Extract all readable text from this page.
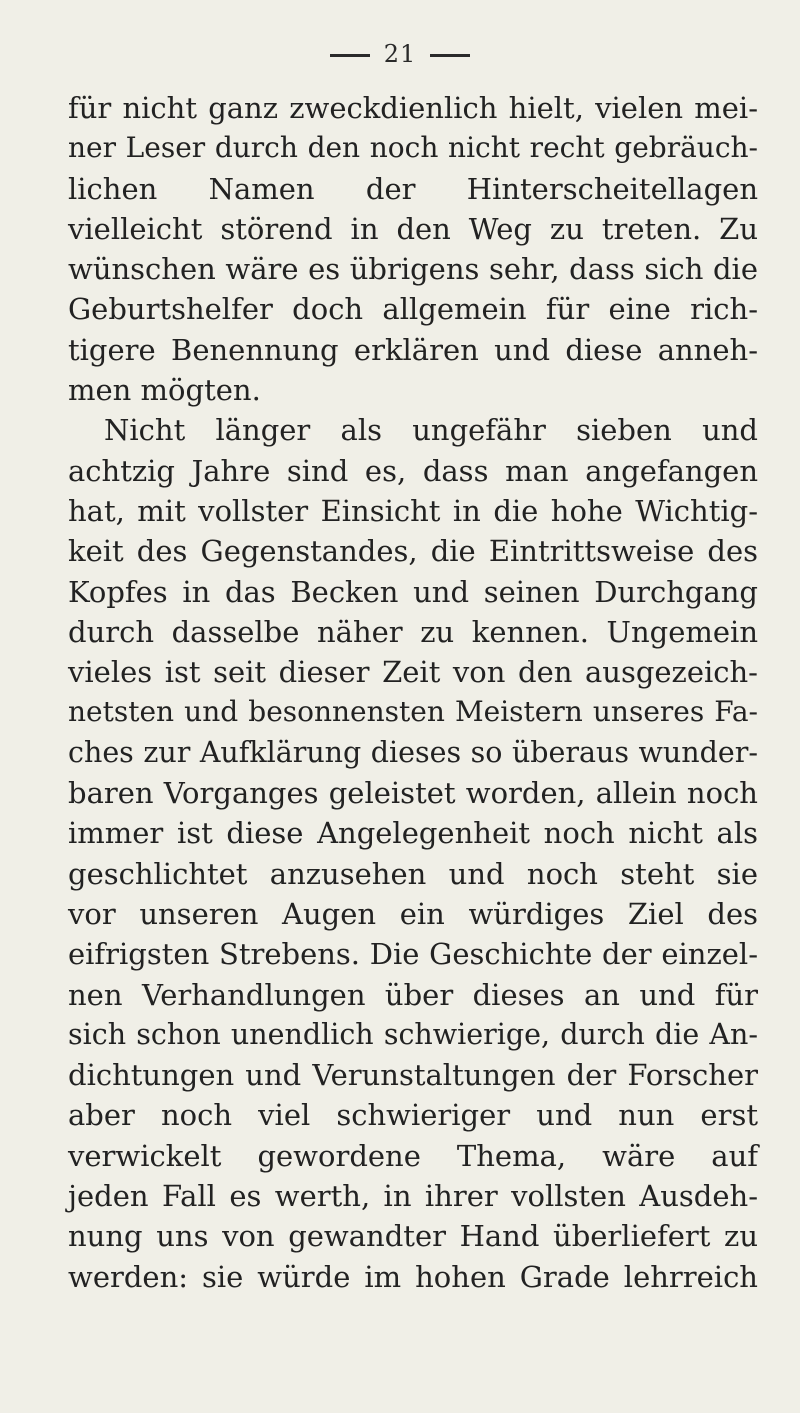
21
für nicht ganz zweckdienlich hielt, vielen mei-
ner Leser durch den noch nicht recht gebräuch-
lichen Namen der Hinterscheitellagen
vielleicht störend in den Weg zu treten. Zu
wünschen wäre es übrigens sehr, dass sich die
Geburtshelfer doch allgemein für eine rich-
tigere Benennung erklären und diese anneh-
men mögten.
Nicht länger als ungefähr sieben und
achtzig Jahre sind es, dass man angefangen
hat, mit vollster Einsicht in die hohe Wichtig-
keit des Gegenstandes, die Eintrittsweise des
Kopfes in das Becken und seinen Durchgang
durch dasselbe näher zu kennen. Ungemein
vieles ist seit dieser Zeit von den ausgezeich-
netsten und besonnensten Meistern unseres Fa-
ches zur Aufklärung dieses so überaus wunder-
baren Vorganges geleistet worden, allein noch
immer ist diese Angelegenheit noch nicht als
geschlichtet anzusehen und noch steht sie
vor unseren Augen ein würdiges Ziel des
eifrigsten Strebens. Die Geschichte der einzel-
nen Verhandlungen über dieses an und für
sich schon unendlich schwierige, durch die An-
dichtungen und Verunstaltungen der Forscher
aber noch viel schwieriger und nun erst
verwickelt gewordene Thema, wäre auf
jeden Fall es werth, in ihrer vollsten Ausdeh-
nung uns von gewandter Hand überliefert zu
werden: sie würde im hohen Grade lehrreich
